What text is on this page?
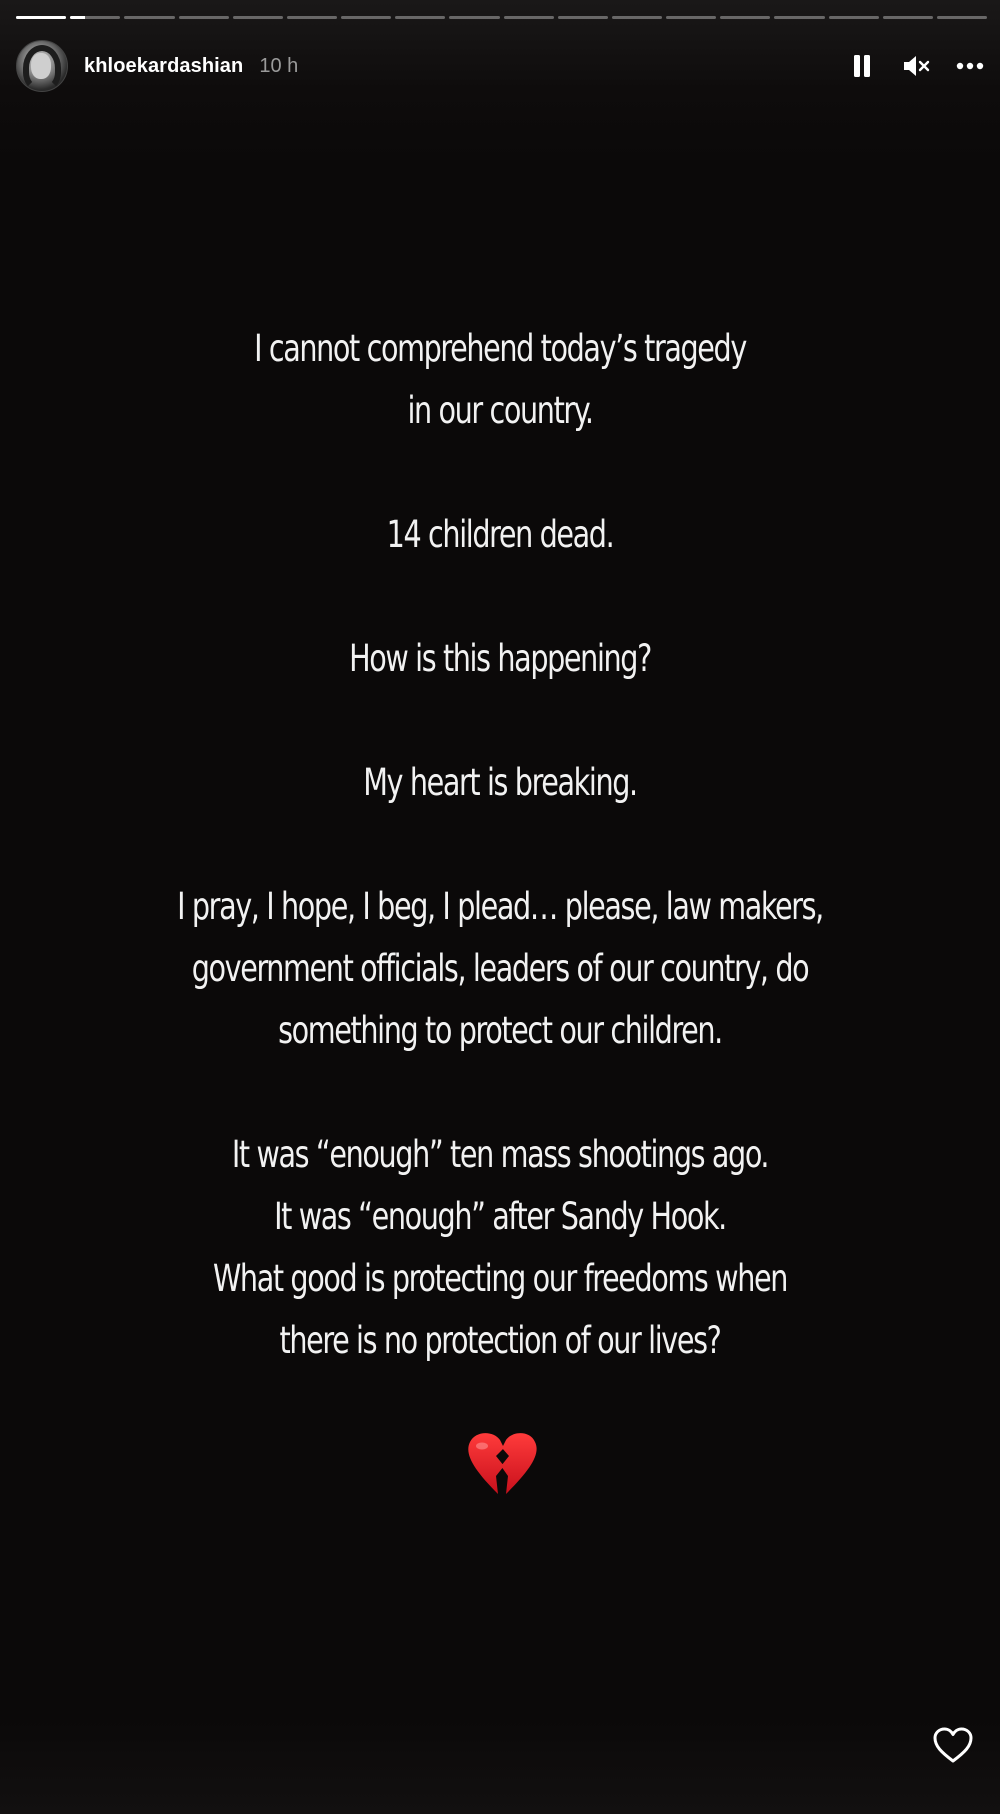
khloekardashian 10 h

I cannot comprehend today’s tragedy

in our country.

14 children dead.

How is this happening?

My heart is breaking.

I pray, I hope, I beg, I plead… please, law makers,

government officials, leaders of our country, do

something to protect our children.

It was “enough” ten mass shootings ago.

It was “enough” after Sandy Hook.

What good is protecting our freedoms when

there is no protection of our lives?
